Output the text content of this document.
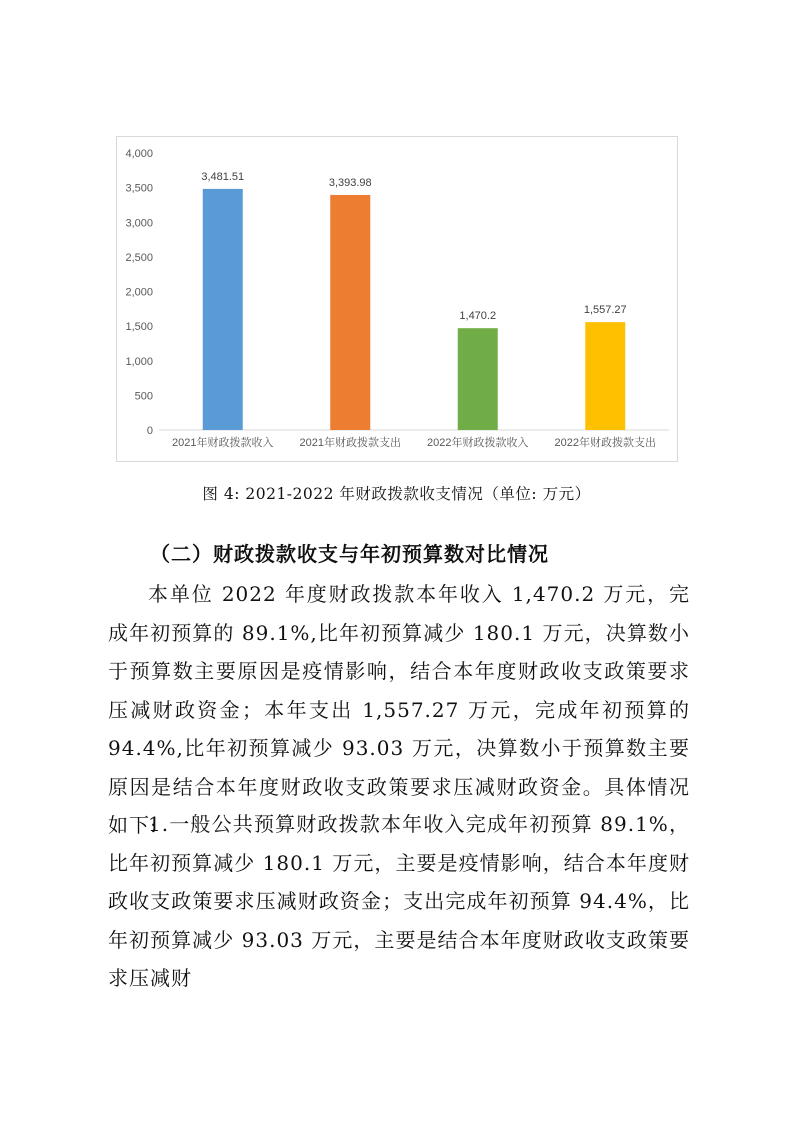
0
500
1,000
1,500
2,000
2,500
3,000
3,500
4,000
3,481.51
2021年财政拨款收入
3,393.98
2021年财政拨款支出
1,470.2
2022年财政拨款收入
1,557.27
2022年财政拨款支出
图 4: 2021-2022 年财政拨款收支情况（单位: 万元）
（二）财政拨款收支与年初预算数对比情况

本单位 2022 年度财政拨款本年收入 1,470.2 万元，完成年初预算的 89.1%,比年初预算减少 180.1 万元，决算数小于预算数主要原因是疫情影响，结合本年度财政收支政策要求压减财政资金；本年支出 1,557.27 万元，完成年初预算的 94.4%,比年初预算减少 93.03 万元，决算数小于预算数主要原因是结合本年度财政收支政策要求压减财政资金。具体情况如下:

1.一般公共预算财政拨款本年收入完成年初预算 89.1%，比年初预算减少 180.1 万元，主要是疫情影响，结合本年度财政收支政策要求压减财政资金；支出完成年初预算 94.4%，比年初预算减少 93.03 万元，主要是结合本年度财政收支政策要求压减财
